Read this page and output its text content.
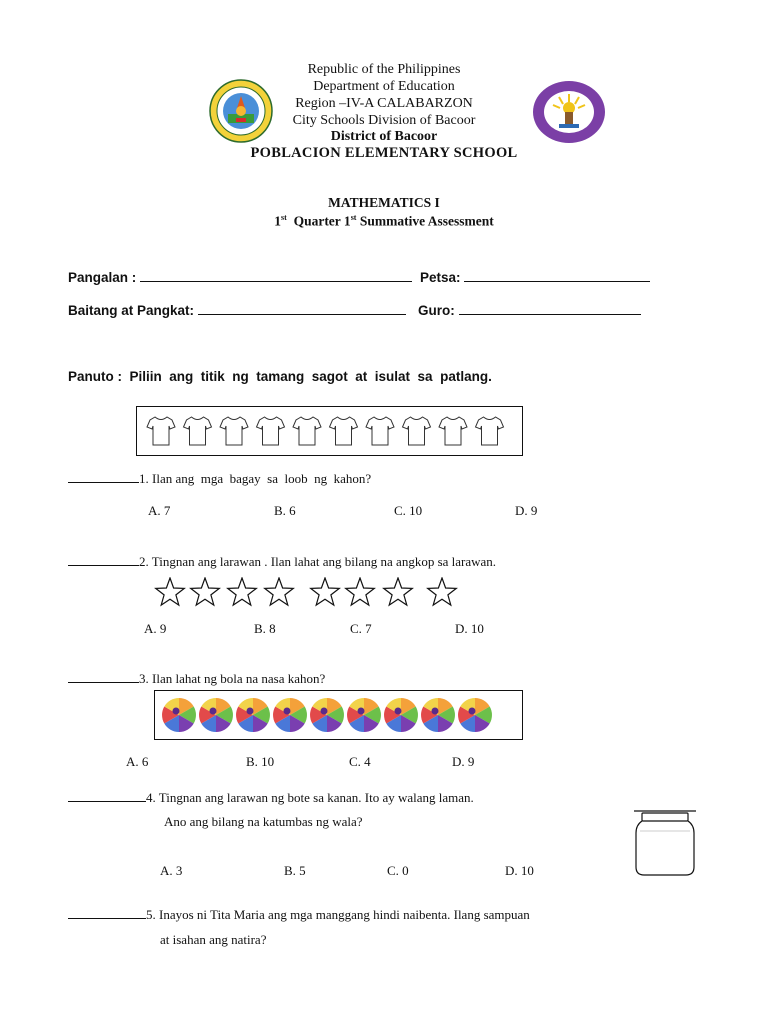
Republic of the Philippines
Department of Education
Region –IV-A CALABARZON
City Schools Division of Bacoor
District of Bacoor
POBLACION ELEMENTARY SCHOOL
MATHEMATICS I
1st Quarter 1st Summative Assessment
Pangalan :	Petsa:
Baitang at Pangkat:	Guro:
Panuto : Piliin  ang  titik  ng  tamang  sagot  at  isulat  sa  patlang.
1. Ilan ang  mga  bagay  sa  loob  ng  kahon?
A. 7	B. 6	C. 10	D. 9
2. Tingnan ang larawan . Ilan lahat ang bilang na angkop sa larawan.
A. 9	B. 8	C. 7	D. 10
3. Ilan lahat ng bola na nasa kahon?
A. 6	B. 10	C. 4	D. 9
4. Tingnan ang larawan ng bote sa kanan. Ito ay walang laman.
Ano ang bilang na katumbas ng wala?
A. 3	B. 5	C. 0	D. 10
5. Inayos ni Tita Maria ang mga manggang hindi naibenta. Ilang sampuan
at isahan ang natira?
